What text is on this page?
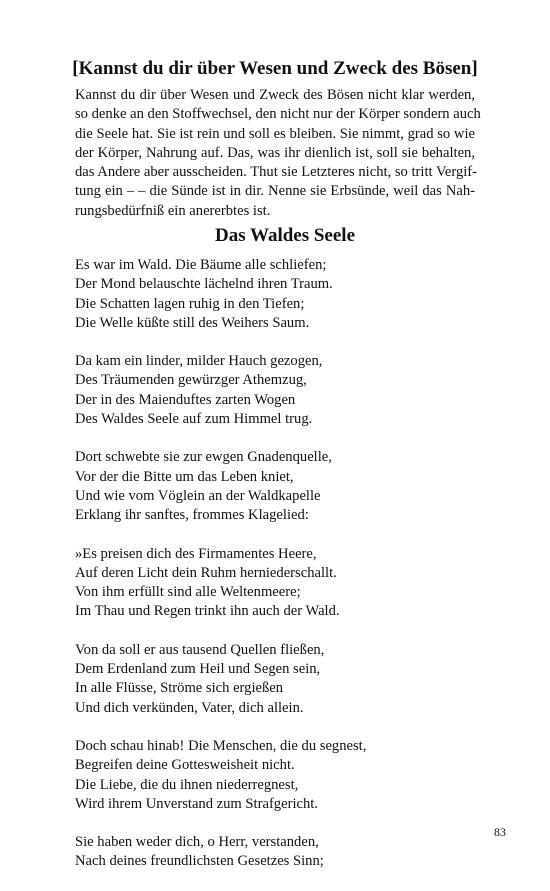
[Kannst du dir über Wesen und Zweck des Bösen]
Kannst du dir über Wesen und Zweck des Bösen nicht klar werden,
so denke an den Stoffwechsel, den nicht nur der Körper sondern auch
die Seele hat. Sie ist rein und soll es bleiben. Sie nimmt, grad so wie
der Körper, Nahrung auf. Das, was ihr dienlich ist, soll sie behalten,
das Andere aber ausscheiden. Thut sie Letzteres nicht, so tritt Vergif-
tung ein – – die Sünde ist in dir. Nenne sie Erbsünde, weil das Nah-
rungsbedürfniß ein anererbtes ist.
Das Waldes Seele
Es war im Wald. Die Bäume alle schliefen;
Der Mond belauschte lächelnd ihren Traum.
Die Schatten lagen ruhig in den Tiefen;
Die Welle küßte still des Weihers Saum.
Da kam ein linder, milder Hauch gezogen,
Des Träumenden gewürzger Athemzug,
Der in des Maienduftes zarten Wogen
Des Waldes Seele auf zum Himmel trug.
Dort schwebte sie zur ewgen Gnadenquelle,
Vor der die Bitte um das Leben kniet,
Und wie vom Vöglein an der Waldkapelle
Erklang ihr sanftes, frommes Klagelied:
»Es preisen dich des Firmamentes Heere,
Auf deren Licht dein Ruhm herniederschallt.
Von ihm erfüllt sind alle Weltenmeere;
Im Thau und Regen trinkt ihn auch der Wald.
Von da soll er aus tausend Quellen fließen,
Dem Erdenland zum Heil und Segen sein,
In alle Flüsse, Ströme sich ergießen
Und dich verkünden, Vater, dich allein.
Doch schau hinab! Die Menschen, die du segnest,
Begreifen deine Gottesweisheit nicht.
Die Liebe, die du ihnen niederregnest,
Wird ihrem Unverstand zum Strafgericht.
Sie haben weder dich, o Herr, verstanden,
Nach deines freundlichsten Gesetzes Sinn;
83
